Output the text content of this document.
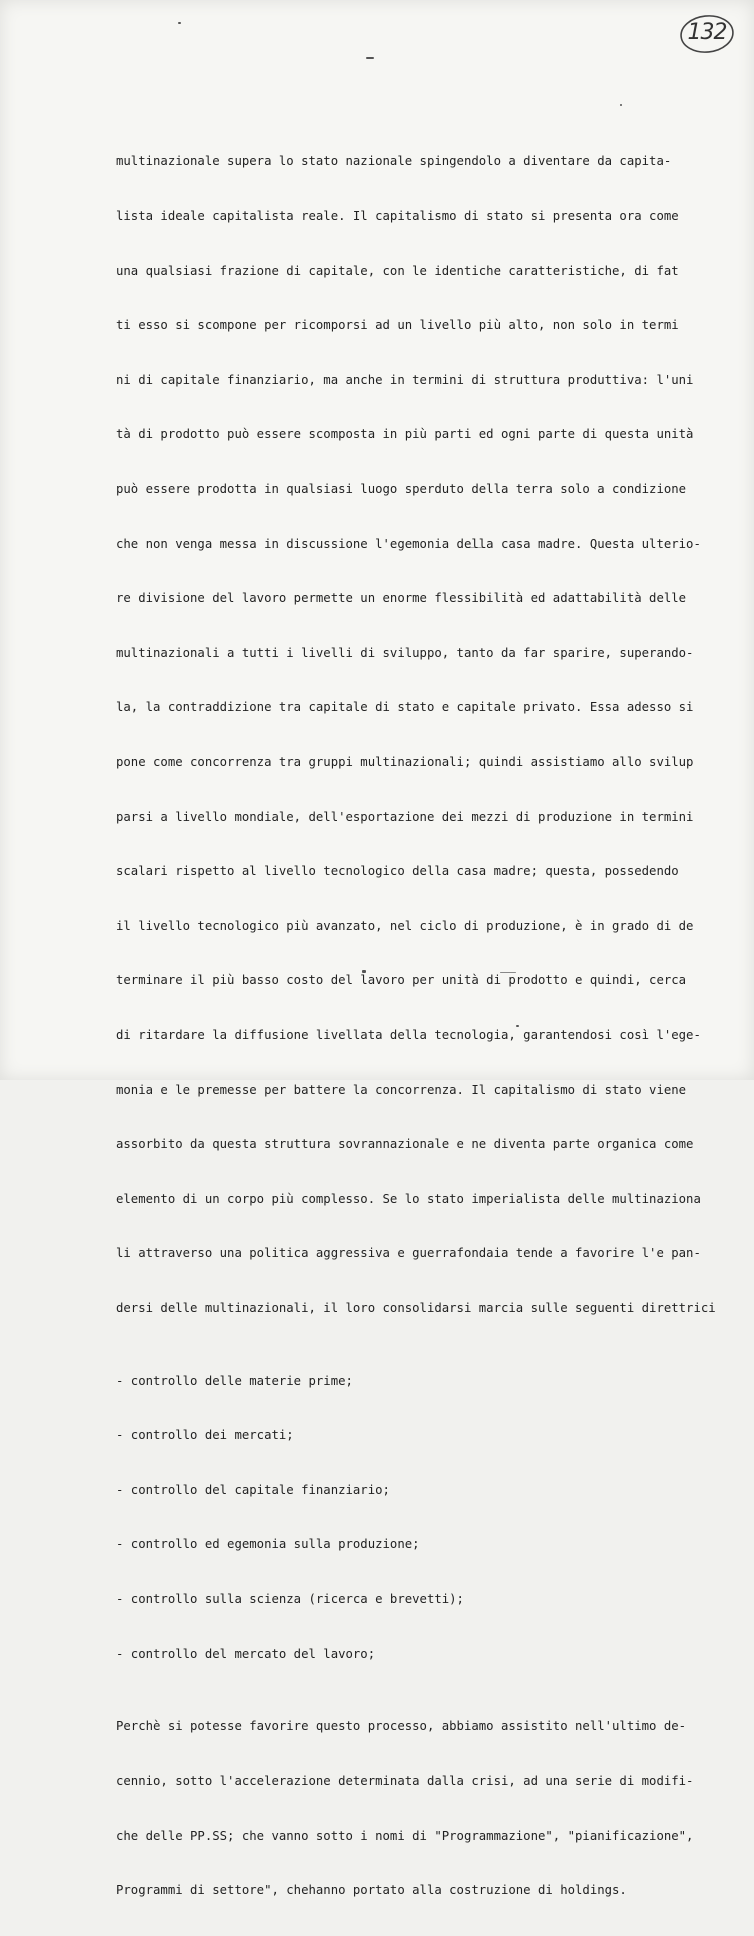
132

multinazionale supera lo stato nazionale spingendolo a diventare da capita-

lista ideale capitalista reale. Il capitalismo di stato si presenta ora come

una qualsiasi frazione di capitale, con le identiche caratteristiche, di fat

ti esso si scompone per ricomporsi ad un livello più alto, non solo in termi

ni di capitale finanziario, ma anche in termini di struttura produttiva: l'uni

tà di prodotto può essere scomposta in più parti ed ogni parte di questa unità

può essere prodotta in qualsiasi luogo sperduto della terra solo a condizione

che non venga messa in discussione l'egemonia della casa madre. Questa ulterio-

re divisione del lavoro permette un enorme flessibilità ed adattabilità delle

multinazionali a tutti i livelli di sviluppo, tanto da far sparire, superando-

la, la contraddizione tra capitale di stato e capitale privato. Essa adesso si

pone come concorrenza tra gruppi multinazionali; quindi assistiamo allo svilup

parsi a livello mondiale, dell'esportazione dei mezzi di produzione in termini

scalari rispetto al livello tecnologico della casa madre; questa, possedendo

il livello tecnologico più avanzato, nel ciclo di produzione, è in grado di de

terminare il più basso costo del lavoro per unità di prodotto e quindi, cerca

di ritardare la diffusione livellata della tecnologia, garantendosi così l'ege-

monia e le premesse per battere la concorrenza. Il capitalismo di stato viene

assorbito da questa struttura sovrannazionale e ne diventa parte organica come

elemento di un corpo più complesso. Se lo stato imperialista delle multinaziona

li attraverso una politica aggressiva e guerrafondaia tende a favorire l'e pan-

dersi delle multinazionali, il loro consolidarsi marcia sulle seguenti direttrici

- controllo delle materie prime;

- controllo dei mercati;

- controllo del capitale finanziario;

- controllo ed egemonia sulla produzione;

- controllo sulla scienza (ricerca e brevetti);

- controllo del mercato del lavoro;

Perchè si potesse favorire questo processo, abbiamo assistito nell'ultimo de-

cennio, sotto l'accelerazione determinata dalla crisi, ad una serie di modifi-

che delle PP.SS; che vanno sotto i nomi di "Programmazione", "pianificazione",

Programmi di settore", chehanno portato alla costruzione di holdings.
